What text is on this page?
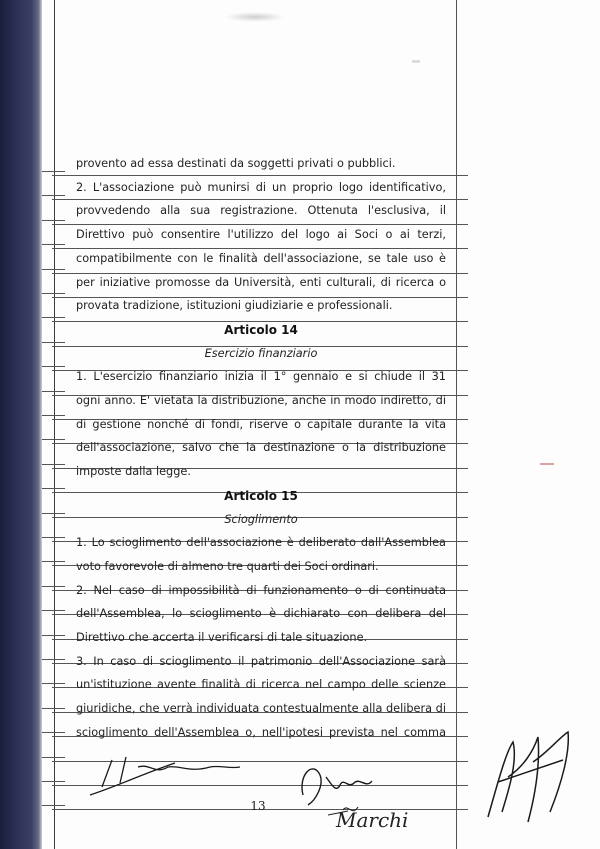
provento ad essa destinati da soggetti privati o pubblici.
2. L'associazione può munirsi di un proprio logo identificativo,
provvedendo alla sua registrazione. Ottenuta l'esclusiva, il
Direttivo può consentire l'utilizzo del logo ai Soci o ai terzi,
compatibilmente con le finalità dell'associazione, se tale uso è
per iniziative promosse da Università, enti culturali, di ricerca o
provata tradizione, istituzioni giudiziarie e professionali.
Articolo 14
Esercizio finanziario
1. L'esercizio finanziario inizia il 1° gennaio e si chiude il 31
ogni anno. E' vietata la distribuzione, anche in modo indiretto, di
di gestione nonché di fondi, riserve o capitale durante la vita
dell'associazione, salvo che la destinazione o la distribuzione
imposte dalla legge.
Articolo 15
Scioglimento
1. Lo scioglimento dell'associazione è deliberato dall'Assemblea
voto favorevole di almeno tre quarti dei Soci ordinari.
2. Nel caso di impossibilità di funzionamento o di continuata
dell'Assemblea, lo scioglimento è dichiarato con delibera del
Direttivo che accerta il verificarsi di tale situazione.
3. In caso di scioglimento il patrimonio dell'Associazione sarà
un'istituzione avente finalità di ricerca nel campo delle scienze
giuridiche, che verrà individuata contestualmente alla delibera di
scioglimento dell'Assemblea o, nell'ipotesi prevista nel comma
Marchi
13
